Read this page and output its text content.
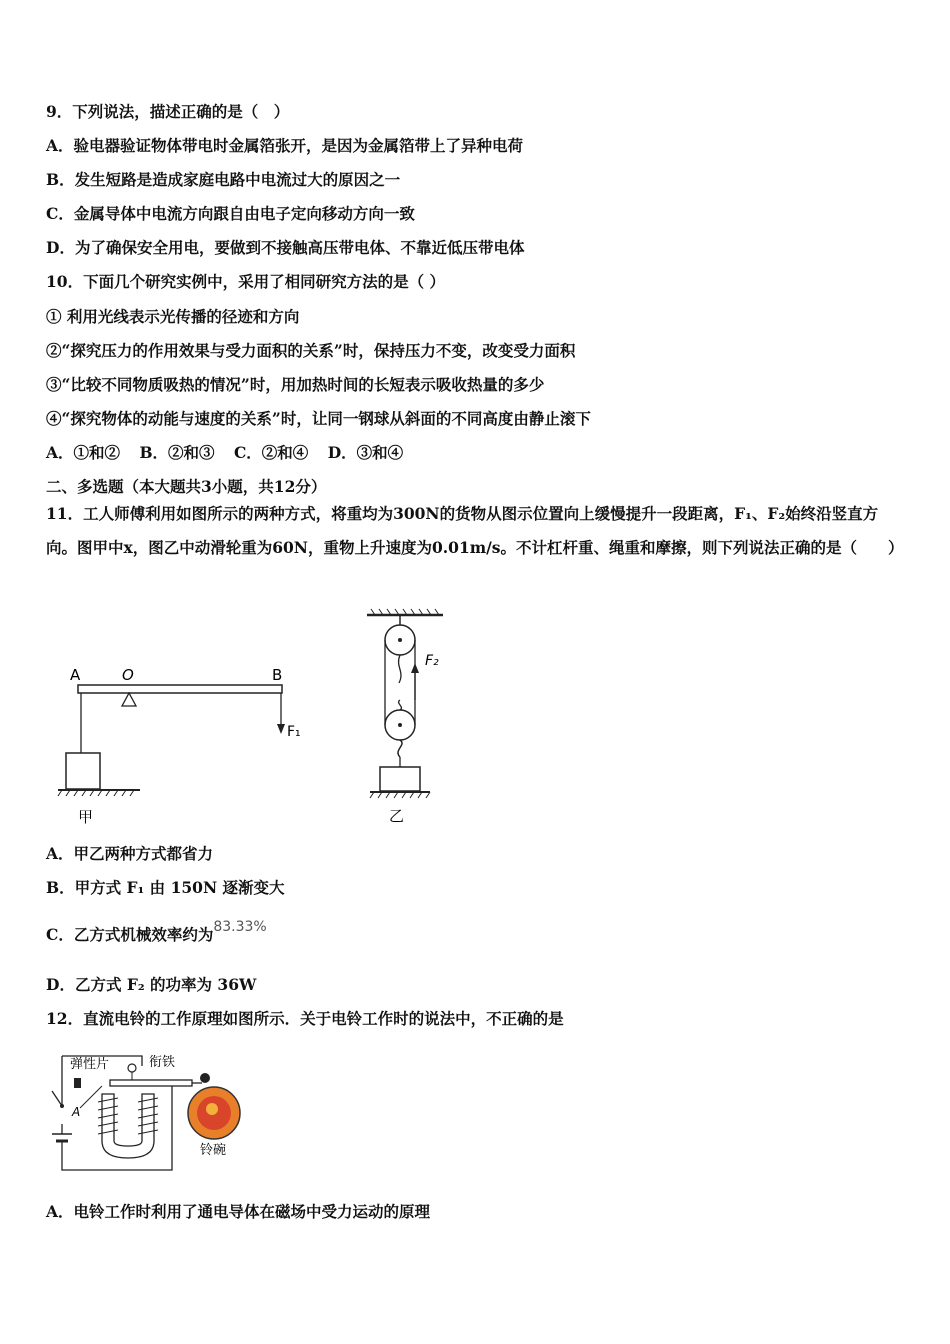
9．下列说法，描述正确的是（　）
A．验电器验证物体带电时金属箔张开，是因为金属箔带上了异种电荷
B．发生短路是造成家庭电路中电流过大的原因之一
C．金属导体中电流方向跟自由电子定向移动方向一致
D．为了确保安全用电，要做到不接触高压带电体、不靠近低压带电体
10．下面几个研究实例中，采用了相同研究方法的是（ ）
① 利用光线表示光传播的径迹和方向
②“探究压力的作用效果与受力面积的关系”时，保持压力不变，改变受力面积
③“比较不同物质吸热的情况”时，用加热时间的长短表示吸收热量的多少
④“探究物体的动能与速度的关系”时，让同一钢球从斜面的不同高度由静止滚下
A．①和② B．②和③ C．②和④ D．③和④
二、多选题（本大题共3小题，共12分）
11．工人师傅利用如图所示的两种方式，将重均为300N的货物从图示位置向上缓慢提升一段距离，F₁、F₂始终沿竖直方向。图甲中x，图乙中动滑轮重为60N，重物上升速度为0.01m/s。不计杠杆重、绳重和摩擦，则下列说法正确的是（　　）
A	O	B
F₁
甲
F₂
乙
A．甲乙两种方式都省力
B．甲方式 F₁ 由 150N 逐渐变大
C．乙方式机械效率约为83.33%
D．乙方式 F₂ 的功率为 36W
12．直流电铃的工作原理如图所示．关于电铃工作时的说法中，不正确的是
弹性片
A
衔铁
铃碗
A．电铃工作时利用了通电导体在磁场中受力运动的原理
